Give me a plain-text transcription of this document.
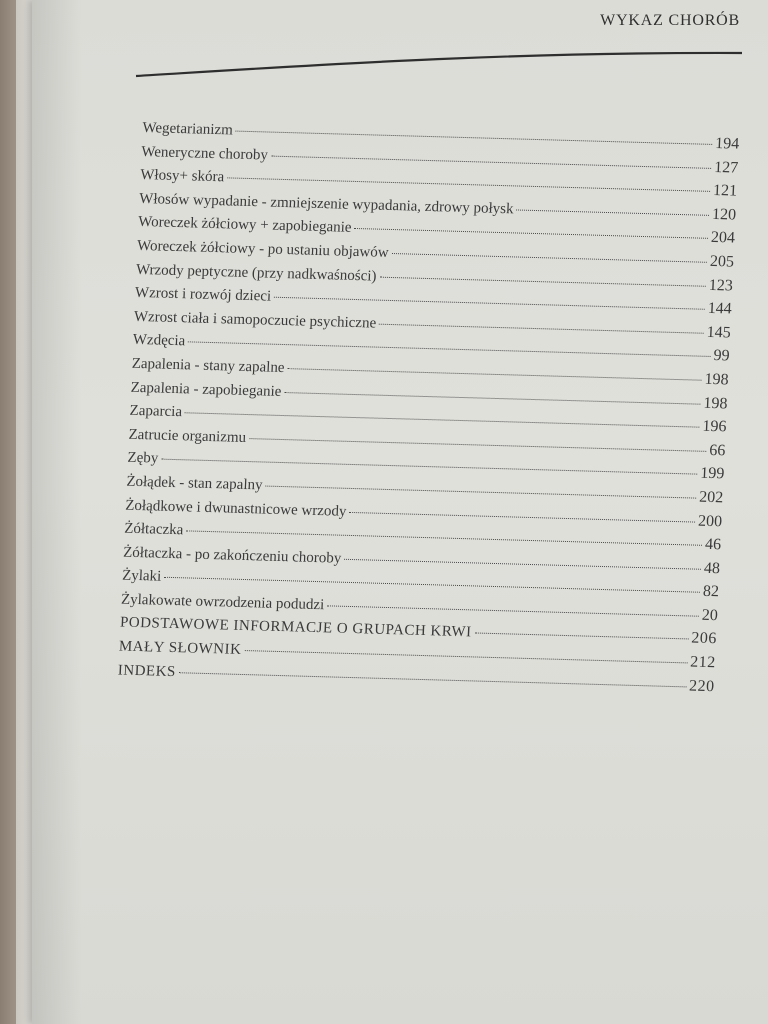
WYKAZ CHORÓB
Wegetarianizm
194
Weneryczne choroby
127
Włosy+ skóra
121
Włosów wypadanie - zmniejszenie wypadania, zdrowy połysk	120
Woreczek żółciowy + zapobieganie
204
Woreczek żółciowy - po ustaniu objawów
205
Wrzody peptyczne (przy nadkwaśności)
123
Wzrost i rozwój dzieci
144
Wzrost ciała i samopoczucie psychiczne
145
Wzdęcia
99
Zapalenia - stany zapalne
198
Zapalenia - zapobieganie
198
Zaparcia
196
Zatrucie organizmu
66
Zęby
199
Żołądek - stan zapalny
202
Żołądkowe i dwunastnicowe wrzody
200
Żółtaczka
46
Żółtaczka - po zakończeniu choroby
48
Żylaki
82
Żylakowate owrzodzenia podudzi
20
PODSTAWOWE INFORMACJE O GRUPACH KRWI	206
MAŁY SŁOWNIK
212
INDEKS
220
